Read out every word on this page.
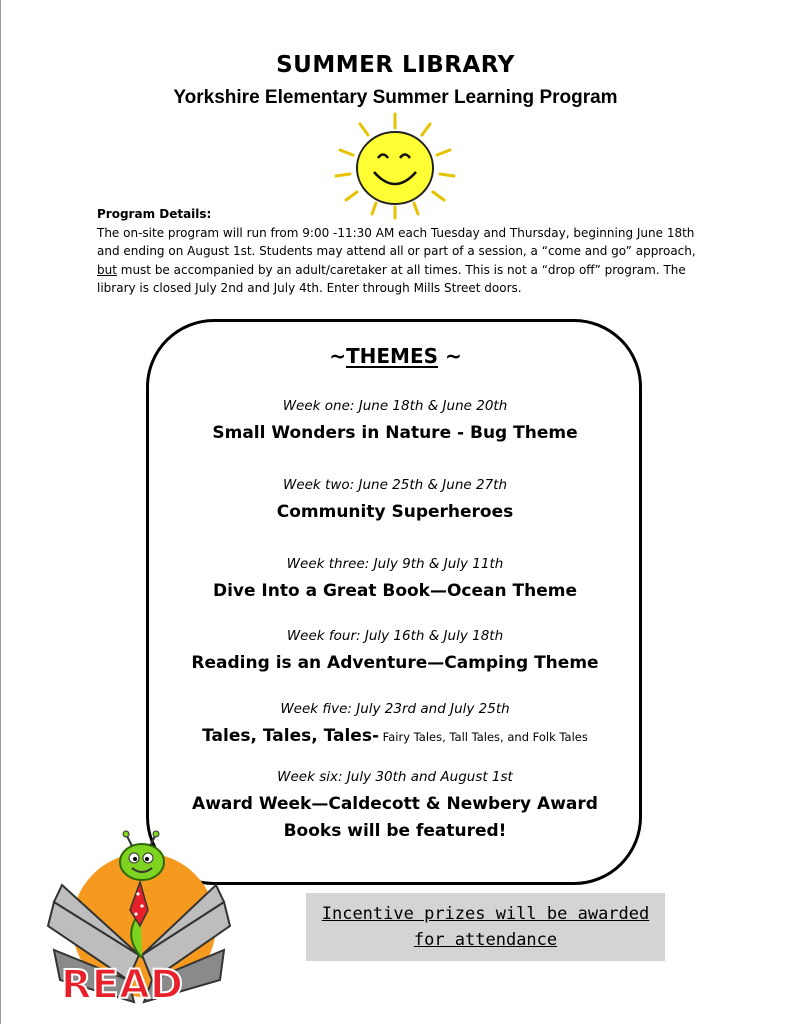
SUMMER LIBRARY
Yorkshire Elementary Summer Learning Program
Program Details:
The on-site program will run from 9:00 -11:30 AM each Tuesday and Thursday, beginning June 18th and ending on August 1st. Students may attend all or part of a session, a “come and go” approach, but must be accompanied by an adult/caretaker at all times. This is not a “drop off” program. The library is closed July 2nd and July 4th. Enter through Mills Street doors.
~THEMES ~
Week one: June 18th & June 20th
Small Wonders in Nature - Bug Theme
Week two: June 25th & June 27th
Community Superheroes
Week three: July 9th & July 11th
Dive Into a Great Book—Ocean Theme
Week four: July 16th & July 18th
Reading is an Adventure—Camping Theme
Week five: July 23rd and July 25th
Tales, Tales, Tales- Fairy Tales, Tall Tales, and Folk Tales
Week six: July 30th and August 1st
Award Week—Caldecott & Newbery Award Books will be featured!
READ
Incentive prizes will be awarded
for attendance
